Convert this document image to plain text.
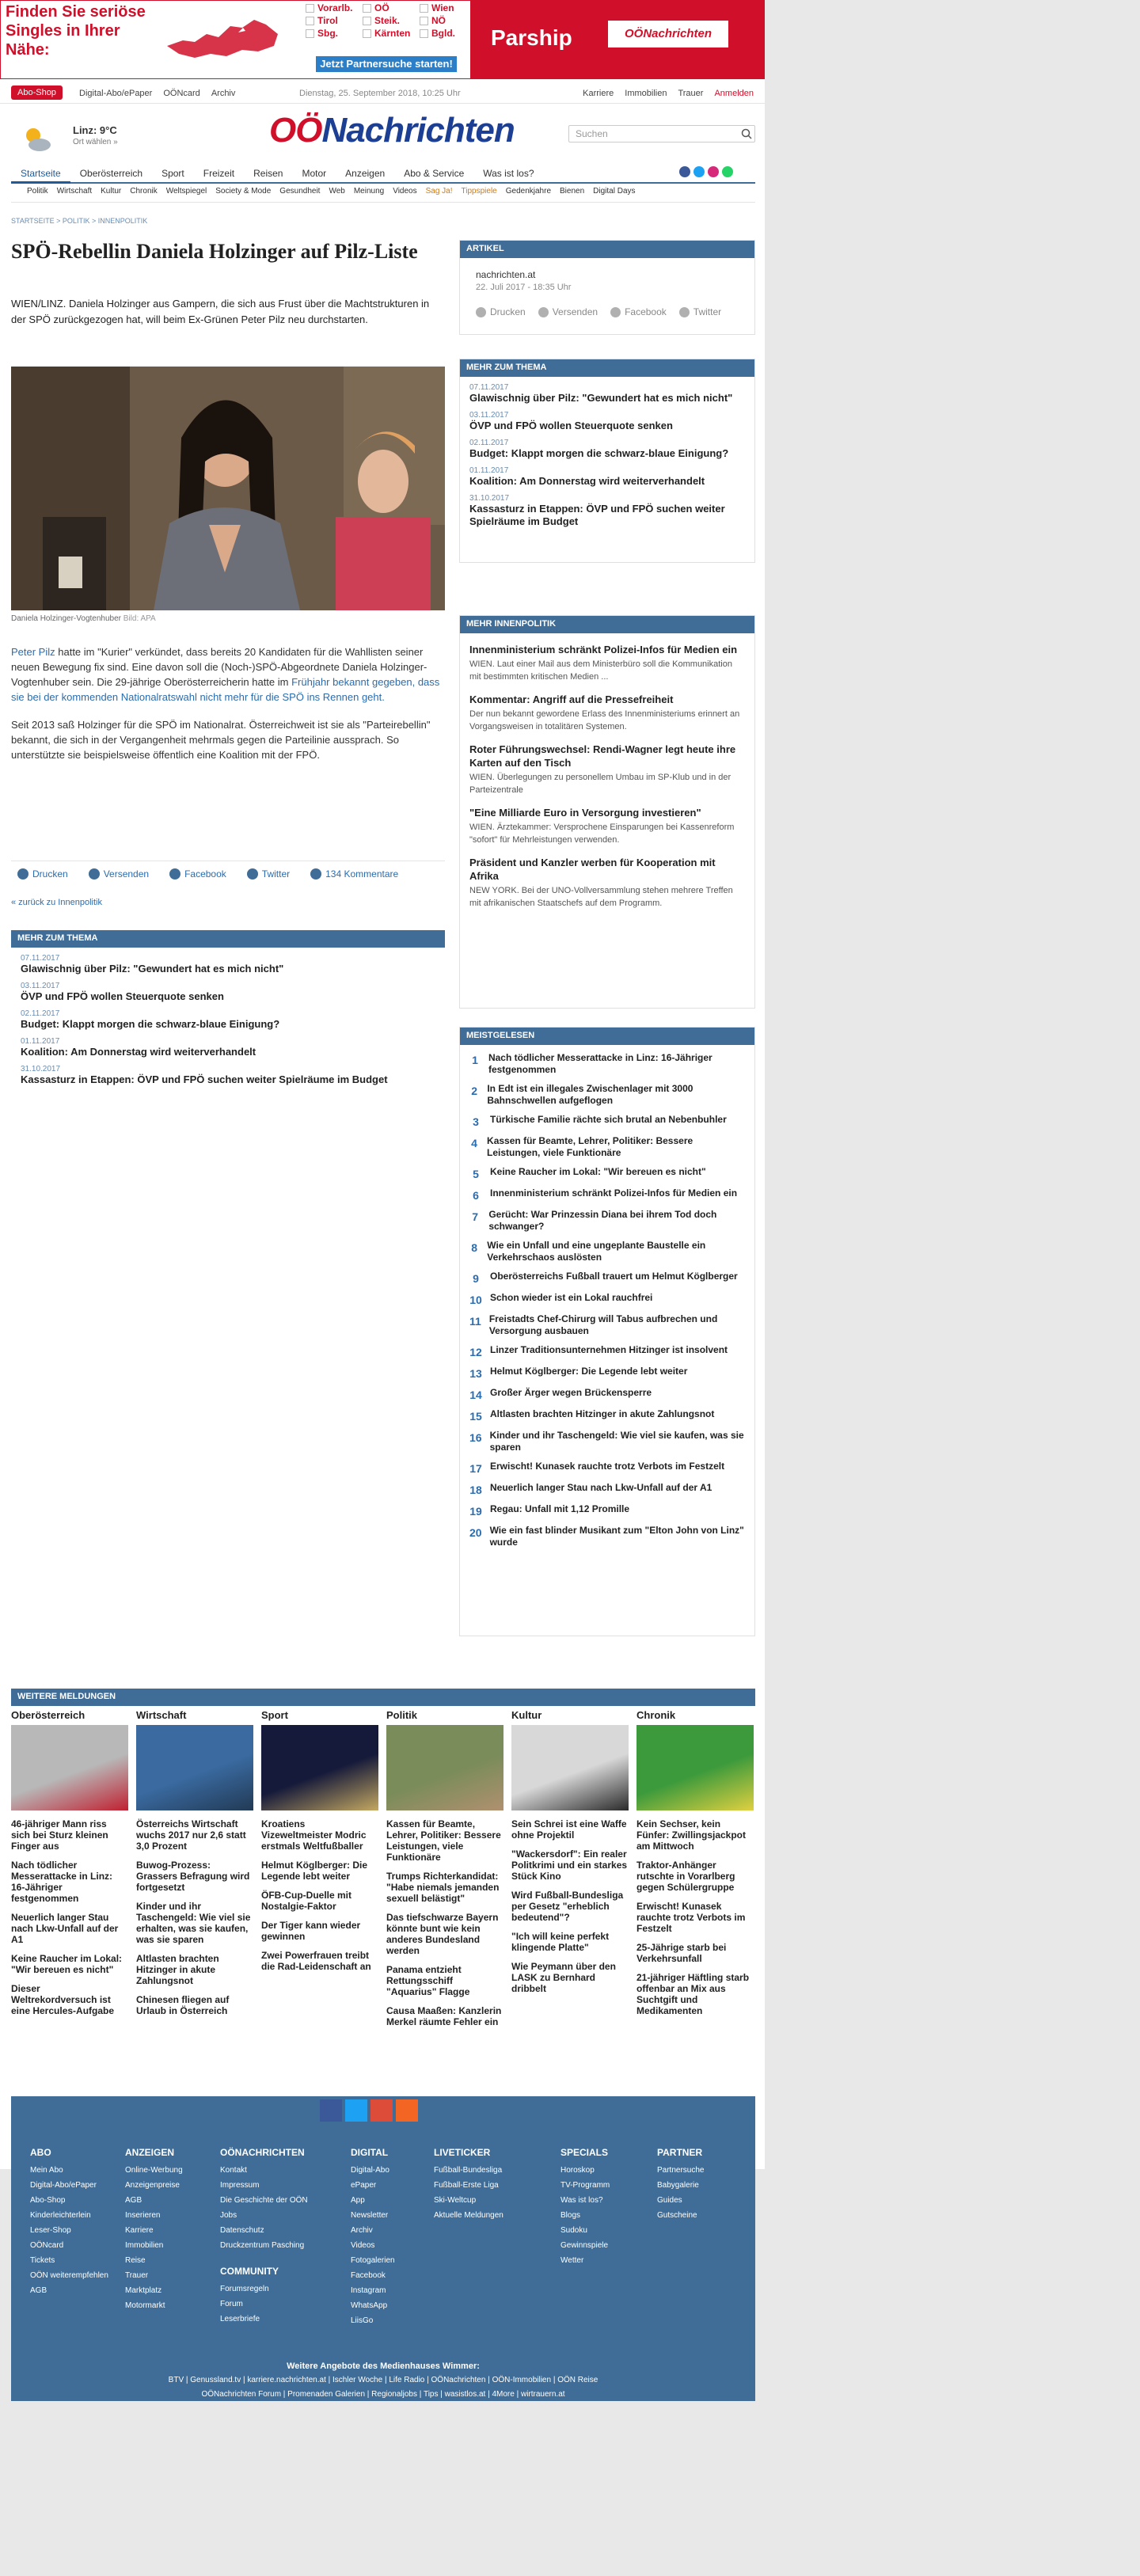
Finden Sie seriöse Singles in Ihrer Nähe:
Vorarlb. OÖ	Wien
Tirol	Steik.	NÖ
Sbg.	Kärnten Bgld.
Jetzt Partnersuche starten!
Parship	OÖNachrichten
Abo-Shop	Digital-Abo/ePaper OÖNcard Archiv	Dienstag, 25. September 2018, 10:25 Uhr	Karriere Immobilien Trauer Anmelden
Linz: 9°C
Ort wählen »	OÖNachrichten	Suchen
Startseite	Oberösterreich	Sport	Freizeit	Reisen	Motor	Anzeigen	Abo & Service	Was ist los?
Politik Wirtschaft Kultur Chronik Weltspiegel Society & Mode Gesundheit Web Meinung Videos Sag Ja! Tippspiele Gedenkjahre Bienen Digital Days
STARTSEITE > POLITIK > INNENPOLITIK
SPÖ-Rebellin Daniela Holzinger auf Pilz-Liste

WIEN/LINZ. Daniela Holzinger aus Gampern, die sich aus Frust über die Machtstrukturen in der SPÖ zurückgezogen hat, will beim Ex-Grünen Peter Pilz neu durchstarten.

Daniela Holzinger-Vogtenhuber Bild: APA

Peter Pilz hatte im "Kurier" verkündet, dass bereits 20 Kandidaten für die Wahllisten seiner neuen Bewegung fix sind. Eine davon soll die (Noch-)SPÖ-Abgeordnete Daniela Holzinger-Vogtenhuber sein. Die 29-jährige Oberösterreicherin hatte im Frühjahr bekannt gegeben, dass sie bei der kommenden Nationalratswahl nicht mehr für die SPÖ ins Rennen geht.

Seit 2013 saß Holzinger für die SPÖ im Nationalrat. Österreichweit ist sie als "Parteirebellin" bekannt, die sich in der Vergangenheit mehrmals gegen die Parteilinie aussprach. So unterstützte sie beispielsweise öffentlich eine Koalition mit der FPÖ.

Drucken	Versenden	Facebook	Twitter	134 Kommentare
« zurück zu Innenpolitik
MEHR ZUM THEMA
07.11.2017
Glawischnig über Pilz: "Gewundert hat es mich nicht"
03.11.2017
ÖVP und FPÖ wollen Steuerquote senken
02.11.2017
Budget: Klappt morgen die schwarz-blaue Einigung?
01.11.2017
Koalition: Am Donnerstag wird weiterverhandelt
31.10.2017
Kassasturz in Etappen: ÖVP und FPÖ suchen weiter Spielräume im Budget
ARTIKEL
nachrichten.at
22. Juli 2017 - 18:35 Uhr
Drucken	Versenden	Facebook	Twitter
MEHR ZUM THEMA
07.11.2017
Glawischnig über Pilz: "Gewundert hat es mich nicht"
03.11.2017
ÖVP und FPÖ wollen Steuerquote senken
02.11.2017
Budget: Klappt morgen die schwarz-blaue Einigung?
01.11.2017
Koalition: Am Donnerstag wird weiterverhandelt
31.10.2017
Kassasturz in Etappen: ÖVP und FPÖ suchen weiter Spielräume im Budget
MEHR INNENPOLITIK
Innenministerium schränkt Polizei-Infos für Medien ein
WIEN. Laut einer Mail aus dem Ministerbüro soll die Kommunikation mit bestimmten kritischen Medien ...
Kommentar: Angriff auf die Pressefreiheit
Der nun bekannt gewordene Erlass des Innenministeriums erinnert an Vorgangsweisen in totalitären Systemen.
Roter Führungswechsel: Rendi-Wagner legt heute ihre Karten auf den Tisch
WIEN. Überlegungen zu personellem Umbau im SP-Klub und in der Parteizentrale
"Eine Milliarde Euro in Versorgung investieren"
WIEN. Ärztekammer: Versprochene Einsparungen bei Kassenreform "sofort" für Mehrleistungen verwenden.
Präsident und Kanzler werben für Kooperation mit Afrika
NEW YORK. Bei der UNO-Vollversammlung stehen mehrere Treffen mit afrikanischen Staatschefs auf dem Programm.
MEISTGELESEN
1 Nach tödlicher Messerattacke in Linz: 16-Jähriger festgenommen
2 In Edt ist ein illegales Zwischenlager mit 3000 Bahnschwellen aufgeflogen
3	Türkische Familie rächte sich brutal an Nebenbuhler
4 Kassen für Beamte, Lehrer, Politiker: Bessere Leistungen, viele Funktionäre
5	Keine Raucher im Lokal: "Wir bereuen es nicht"
6	Innenministerium schränkt Polizei-Infos für Medien ein
7 Gerücht: War Prinzessin Diana bei ihrem Tod doch schwanger?
8 Wie ein Unfall und eine ungeplante Baustelle ein Verkehrschaos auslösten
9	Oberösterreichs Fußball trauert um Helmut Köglberger
10 Schon wieder ist ein Lokal rauchfrei
11 Freistadts Chef-Chirurg will Tabus aufbrechen und Versorgung ausbauen
12 Linzer Traditionsunternehmen Hitzinger ist insolvent
13 Helmut Köglberger: Die Legende lebt weiter
14 Großer Ärger wegen Brückensperre
15 Altlasten brachten Hitzinger in akute Zahlungsnot
16 Kinder und ihr Taschengeld: Wie viel sie kaufen, was sie sparen
17 Erwischt! Kunasek rauchte trotz Verbots im Festzelt
18 Neuerlich langer Stau nach Lkw-Unfall auf der A1
19 Regau: Unfall mit 1,12 Promille
20 Wie ein fast blinder Musikant zum "Elton John von Linz" wurde
WEITERE MELDUNGEN
Oberösterreich
46-jähriger Mann riss sich bei Sturz kleinen Finger aus
Nach tödlicher Messerattacke in Linz: 16-Jähriger festgenommen
Neuerlich langer Stau nach Lkw-Unfall auf der A1
Keine Raucher im Lokal: "Wir bereuen es nicht"
Dieser Weltrekordversuch ist eine Hercules-Aufgabe
Wirtschaft
Österreichs Wirtschaft wuchs 2017 nur 2,6 statt 3,0 Prozent
Buwog-Prozess: Grassers Befragung wird fortgesetzt
Kinder und ihr Taschengeld: Wie viel sie erhalten, was sie kaufen, was sie sparen
Altlasten brachten Hitzinger in akute Zahlungsnot
Chinesen fliegen auf Urlaub in Österreich
Sport
Kroatiens Vizeweltmeister Modric erstmals Weltfußballer
Helmut Köglberger: Die Legende lebt weiter
ÖFB-Cup-Duelle mit Nostalgie-Faktor
Der Tiger kann wieder gewinnen
Zwei Powerfrauen treibt die Rad-Leidenschaft an
Politik
Kassen für Beamte, Lehrer, Politiker: Bessere Leistungen, viele Funktionäre
Trumps Richterkandidat: "Habe niemals jemanden sexuell belästigt"
Das tiefschwarze Bayern könnte bunt wie kein anderes Bundesland werden
Panama entzieht Rettungsschiff "Aquarius" Flagge
Causa Maaßen: Kanzlerin Merkel räumte Fehler ein
Kultur
Sein Schrei ist eine Waffe ohne Projektil
"Wackersdorf": Ein realer Politkrimi und ein starkes Stück Kino
Wird Fußball-Bundesliga per Gesetz "erheblich bedeutend"?
"Ich will keine perfekt klingende Platte"
Wie Peymann über den LASK zu Bernhard dribbelt
Chronik
Kein Sechser, kein Fünfer: Zwillingsjackpot am Mittwoch
Traktor-Anhänger rutschte in Vorarlberg gegen Schülergruppe
Erwischt! Kunasek rauchte trotz Verbots im Festzelt
25-Jährige starb bei Verkehrsunfall
21-jähriger Häftling starb offenbar an Mix aus Suchtgift und Medikamenten
ABO
Mein Abo
Digital-Abo/ePaper
Abo-Shop
Kinderleichterlein
Leser-Shop
OÖNcard
Tickets
OÖN weiterempfehlen
AGB
ANZEIGEN
Online-Werbung
Anzeigenpreise
AGB
Inserieren
Karriere
Immobilien
Reise
Trauer
Marktplatz
Motormarkt
OÖNACHRICHTEN
Kontakt
Impressum
Die Geschichte der OÖN
Jobs
Datenschutz
Druckzentrum Pasching
COMMUNITY
Forumsregeln
Forum
Leserbriefe
DIGITAL
Digital-Abo
ePaper
App
Newsletter
Archiv
Videos
Fotogalerien
Facebook
Instagram
WhatsApp
LiisGo
LIVETICKER
Fußball-Bundesliga
Fußball-Erste Liga
Ski-Weltcup
Aktuelle Meldungen
SPECIALS
Horoskop
TV-Programm
Was ist los?
Blogs
Sudoku
Gewinnspiele
Wetter
PARTNER
Partnersuche
Babygalerie
Guides
Gutscheine
Weitere Angebote des Medienhauses Wimmer:
BTV | Genussland.tv | karriere.nachrichten.at | Ischler Woche | Life Radio | OÖNachrichten | OÖN-Immobilien | OÖN Reise
OÖNachrichten Forum | Promenaden Galerien | Regionaljobs | Tips | wasistlos.at | 4More | wirtrauern.at
